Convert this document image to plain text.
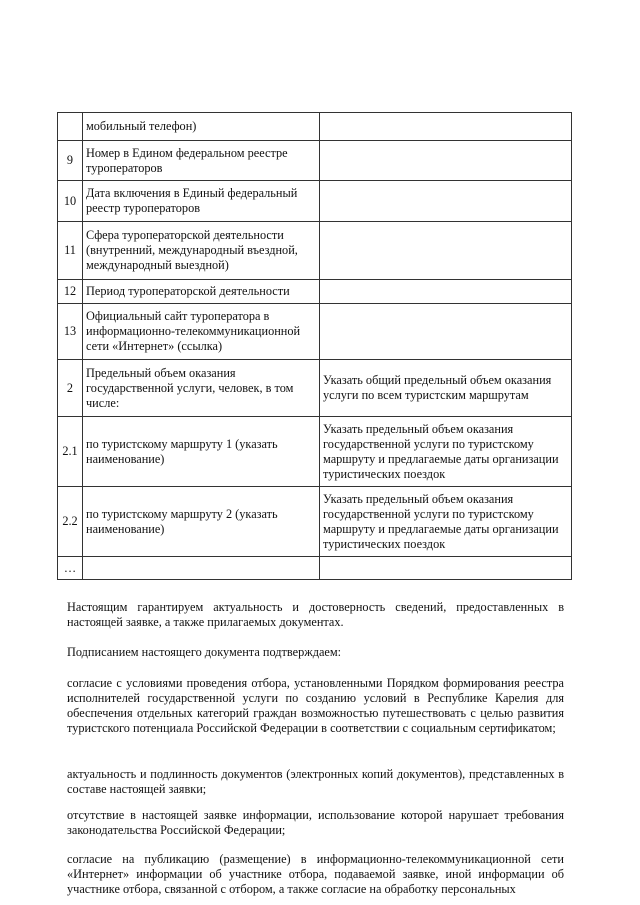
	мобильный телефон)	
9	Номер в Едином федеральном реестре туроператоров	
10	Дата включения в Единый федеральный реестр туроператоров	
11	Сфера туроператорской деятельности (внутренний, международный въездной, международный выездной)	
12	Период туроператорской деятельности	
13	Официальный сайт туроператора в информационно-телекоммуникационной сети «Интернет» (ссылка)	
2	Предельный объем оказания государственной услуги, человек, в том числе:	Указать общий предельный объем оказания услуги по всем туристским маршрутам
2.1	по туристскому маршруту 1 (указать наименование)	Указать предельный объем оказания государственной услуги по туристскому маршруту и предлагаемые даты организации туристических поездок
2.2	по туристскому маршруту 2 (указать наименование)	Указать предельный объем оказания государственной услуги по туристскому маршруту и предлагаемые даты организации туристических поездок
…		
Настоящим гарантируем актуальность и достоверность сведений, предоставленных в настоящей заявке, а также прилагаемых документах.
Подписанием настоящего документа подтверждаем:
согласие с условиями проведения отбора, установленными Порядком формирования реестра исполнителей государственной услуги по созданию условий в Республике Карелия для обеспечения отдельных категорий граждан возможностью путешествовать с целью развития туристского потенциала Российской Федерации в соответствии с социальным сертификатом;
актуальность и подлинность документов (электронных копий документов), представленных в составе настоящей заявки;
отсутствие в настоящей заявке информации, использование которой нарушает требования законодательства Российской Федерации;
согласие на публикацию (размещение) в информационно-телекоммуникационной сети «Интернет» информации об участнике отбора, подаваемой заявке, иной информации об участнике отбора, связанной с отбором, а также согласие на обработку персональных
